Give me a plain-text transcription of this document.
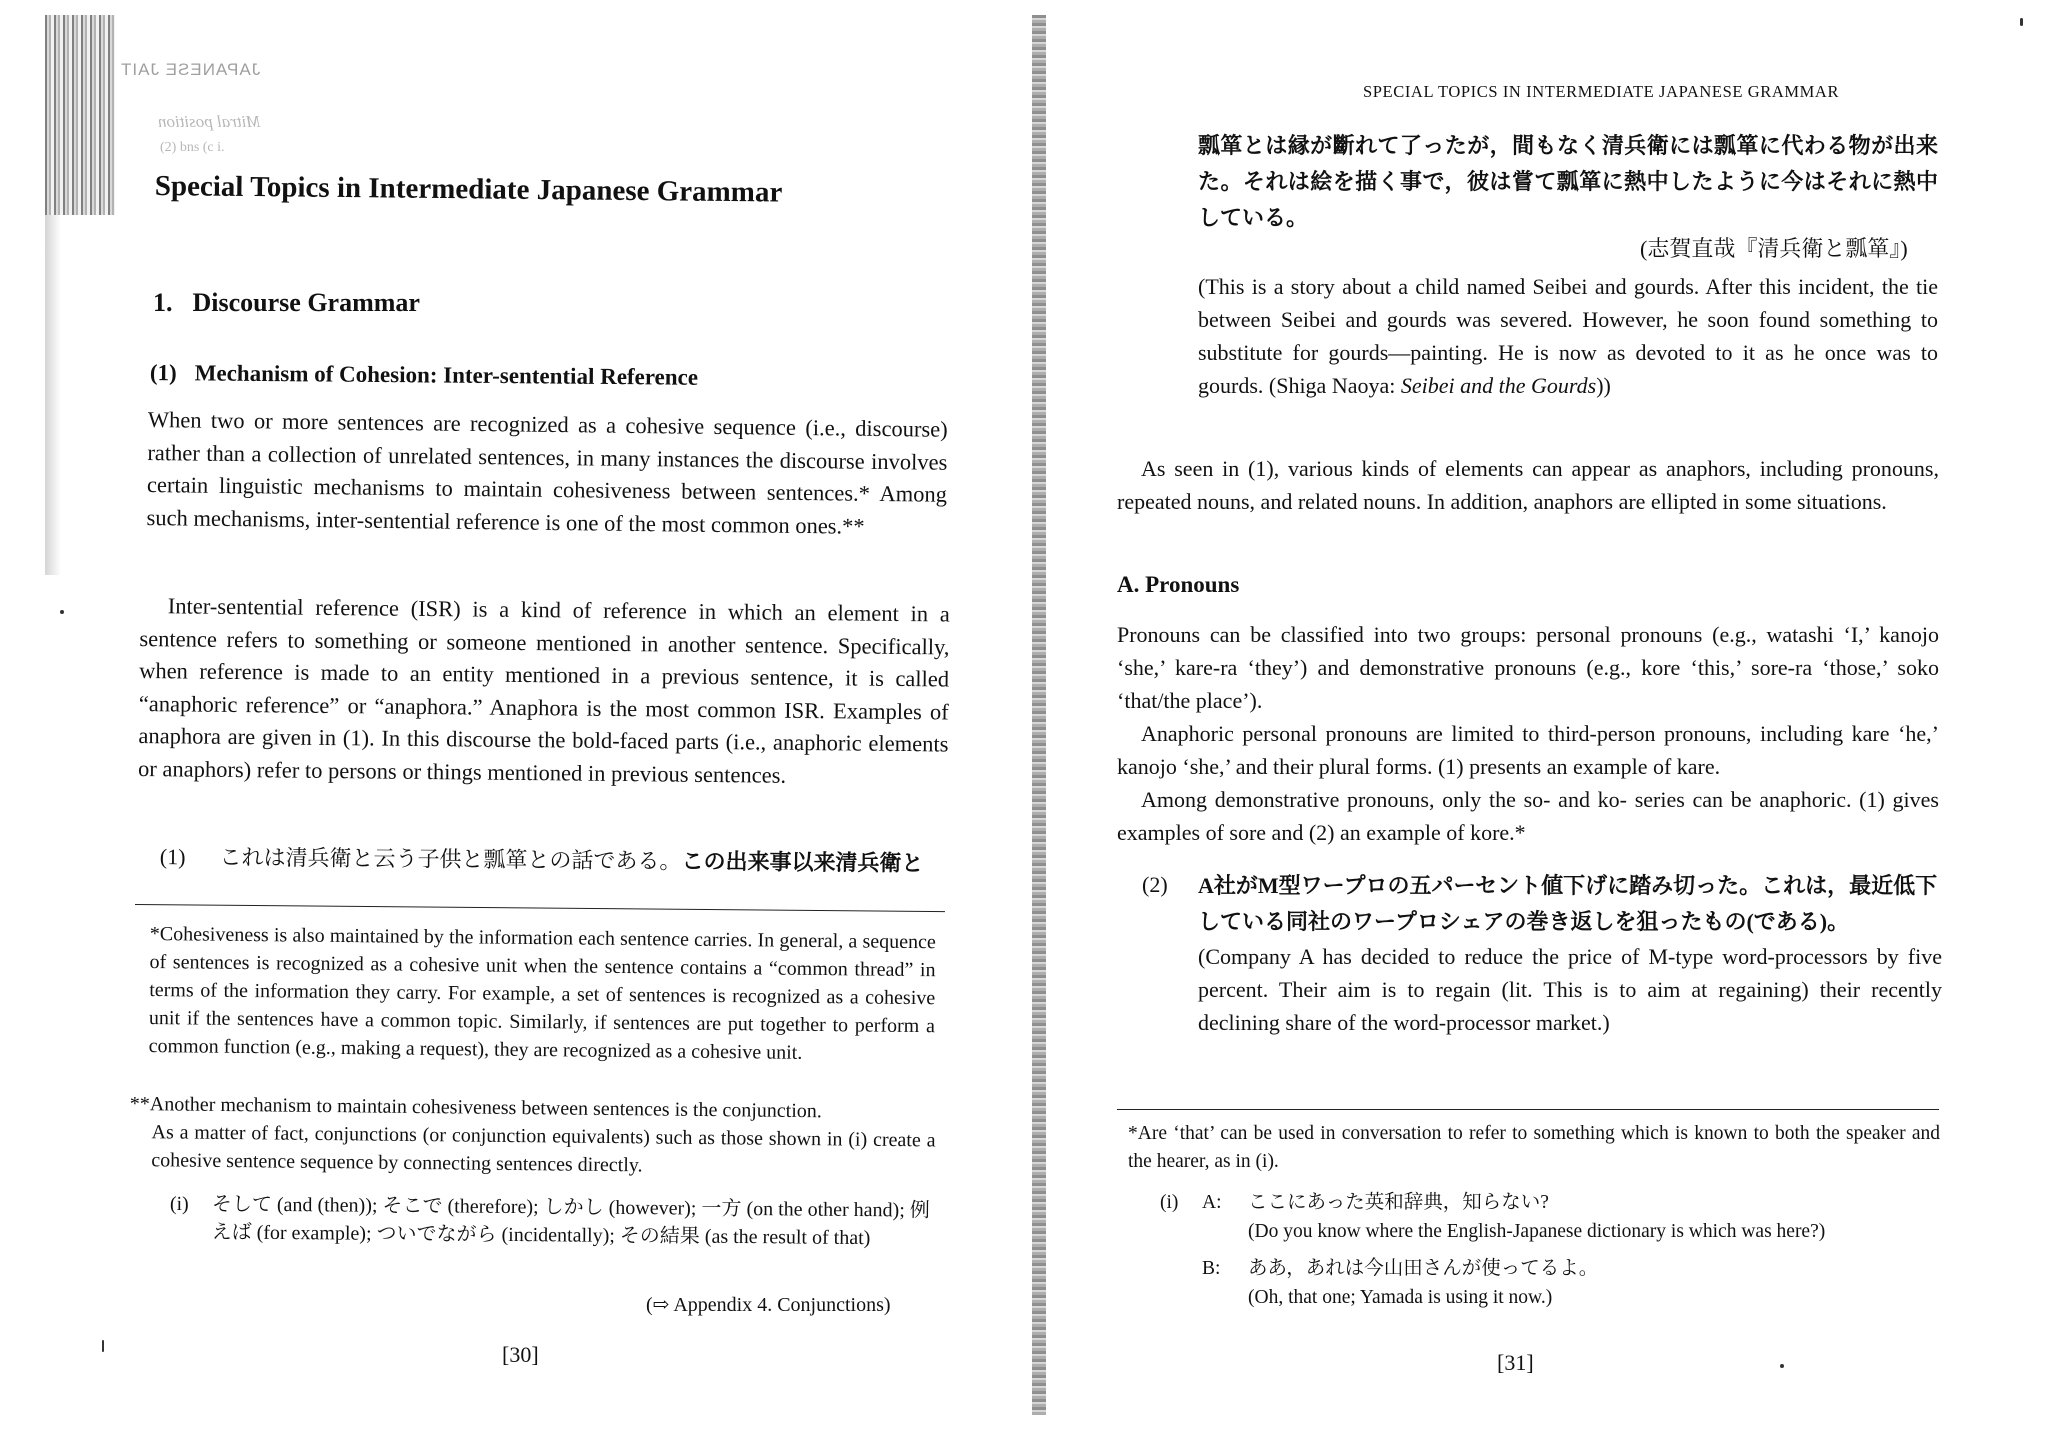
JAPANESE JAIT
Mitral position
(2) bns (c i.
Special Topics in Intermediate Japanese Grammar
1. Discourse Grammar
(1) Mechanism of Cohesion: Inter-sentential Reference
When two or more sentences are recognized as a cohesive sequence (i.e., discourse) rather than a collection of unrelated sentences, in many instances the discourse involves certain linguistic mechanisms to maintain cohesiveness between sentences.* Among such mechanisms, inter-sentential reference is one of the most common ones.**
Inter-sentential reference (ISR) is a kind of reference in which an element in a sentence refers to something or someone mentioned in another sentence. Specifically, when reference is made to an entity mentioned in a previous sentence, it is called “anaphoric reference” or “anaphora.” Anaphora is the most common ISR. Examples of anaphora are given in (1). In this discourse the bold-faced parts (i.e., anaphoric elements or anaphors) refer to persons or things mentioned in previous sentences.
(1) これは清兵衛と云う子供と瓢箪との話である。この出来事以来清兵衛と
*Cohesiveness is also maintained by the information each sentence carries. In general, a sequence of sentences is recognized as a cohesive unit when the sentence contains a “common thread” in terms of the information they carry. For example, a set of sentences is recognized as a cohesive unit if the sentences have a common topic. Similarly, if sentences are put together to perform a common function (e.g., making a request), they are recognized as a cohesive unit.
**Another mechanism to maintain cohesiveness between sentences is the conjunction.
As a matter of fact, conjunctions (or conjunction equivalents) such as those shown in (i) create a cohesive sentence sequence by connecting sentences directly.
(i) そして (and (then)); そこで (therefore); しかし (however); 一方 (on the other hand); 例えば (for example); ついでながら (incidentally); その結果 (as the result of that)
(⇨ Appendix 4. Conjunctions)
[30]
SPECIAL TOPICS IN INTERMEDIATE JAPANESE GRAMMAR
瓢箪とは縁が斷れて了ったが，間もなく清兵衛には瓢箪に代わる物が出来た。それは絵を描く事で，彼は嘗て瓢箪に熱中したように今はそれに熱中している。
(志賀直哉『清兵衛と瓢箪』)
(This is a story about a child named Seibei and gourds. After this incident, the tie between Seibei and gourds was severed. However, he soon found something to substitute for gourds—painting. He is now as devoted to it as he once was to gourds. (Shiga Naoya: Seibei and the Gourds))
As seen in (1), various kinds of elements can appear as anaphors, including pronouns, repeated nouns, and related nouns. In addition, anaphors are ellipted in some situations.
A. Pronouns
Pronouns can be classified into two groups: personal pronouns (e.g., watashi ‘I,’ kanojo ‘she,’ kare-ra ‘they’) and demonstrative pronouns (e.g., kore ‘this,’ sore-ra ‘those,’ soko ‘that/the place’).
Anaphoric personal pronouns are limited to third-person pronouns, including kare ‘he,’ kanojo ‘she,’ and their plural forms. (1) presents an example of kare.
Among demonstrative pronouns, only the so- and ko- series can be anaphoric. (1) gives examples of sore and (2) an example of kore.*
(2) A社がM型ワープロの五パーセント値下げに踏み切った。これは，最近低下している同社のワープロシェアの巻き返しを狙ったもの(である)。
(Company A has decided to reduce the price of M-type word-processors by five percent. Their aim is to regain (lit. This is to aim at regaining) their recently declining share of the word-processor market.)
*Are ‘that’ can be used in conversation to refer to something which is known to both the speaker and the hearer, as in (i).
(i) A: ここにあった英和辞典，知らない?
(Do you know where the English-Japanese dictionary is which was here?)
B: ああ，あれは今山田さんが使ってるよ。
(Oh, that one; Yamada is using it now.)
[31]
